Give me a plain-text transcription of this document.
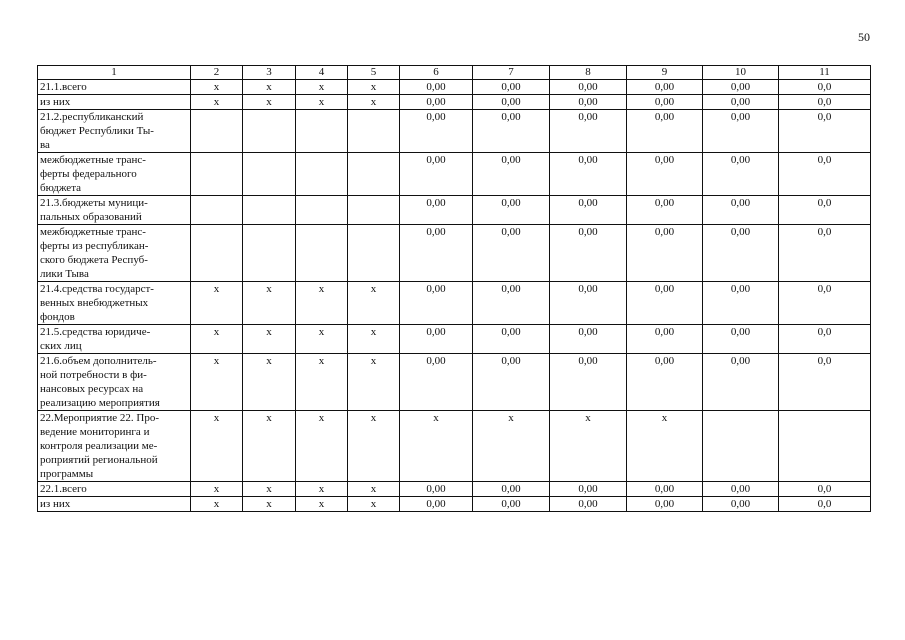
50
1	2	3	4	5	6	7	8	9	10	11
21.1.всего	х	х	х	х	0,00	0,00	0,00	0,00	0,00	0,0
из них	х	х	х	х	0,00	0,00	0,00	0,00	0,00	0,0
21.2.республиканский
бюджет Республики Ты-
ва					0,00	0,00	0,00	0,00	0,00	0,0
межбюджетные транс-
ферты федерального
бюджета					0,00	0,00	0,00	0,00	0,00	0,0
21.3.бюджеты муници-
пальных образований					0,00	0,00	0,00	0,00	0,00	0,0
межбюджетные транс-
ферты из республикан-
ского бюджета Респуб-
лики Тыва					0,00	0,00	0,00	0,00	0,00	0,0
21.4.средства государст-
венных внебюджетных
фондов	х	х	х	х	0,00	0,00	0,00	0,00	0,00	0,0
21.5.средства юридиче-
ских лиц	х	х	х	х	0,00	0,00	0,00	0,00	0,00	0,0
21.6.объем дополнитель-
ной потребности в фи-
нансовых ресурсах на
реализацию мероприятия	х	х	х	х	0,00	0,00	0,00	0,00	0,00	0,0
22.Мероприятие 22. Про-
ведение мониторинга и
контроля реализации ме-
роприятий региональной
программы	х	х	х	х	х	х	х	х		
22.1.всего	х	х	х	х	0,00	0,00	0,00	0,00	0,00	0,0
из них	х	х	х	х	0,00	0,00	0,00	0,00	0,00	0,0
